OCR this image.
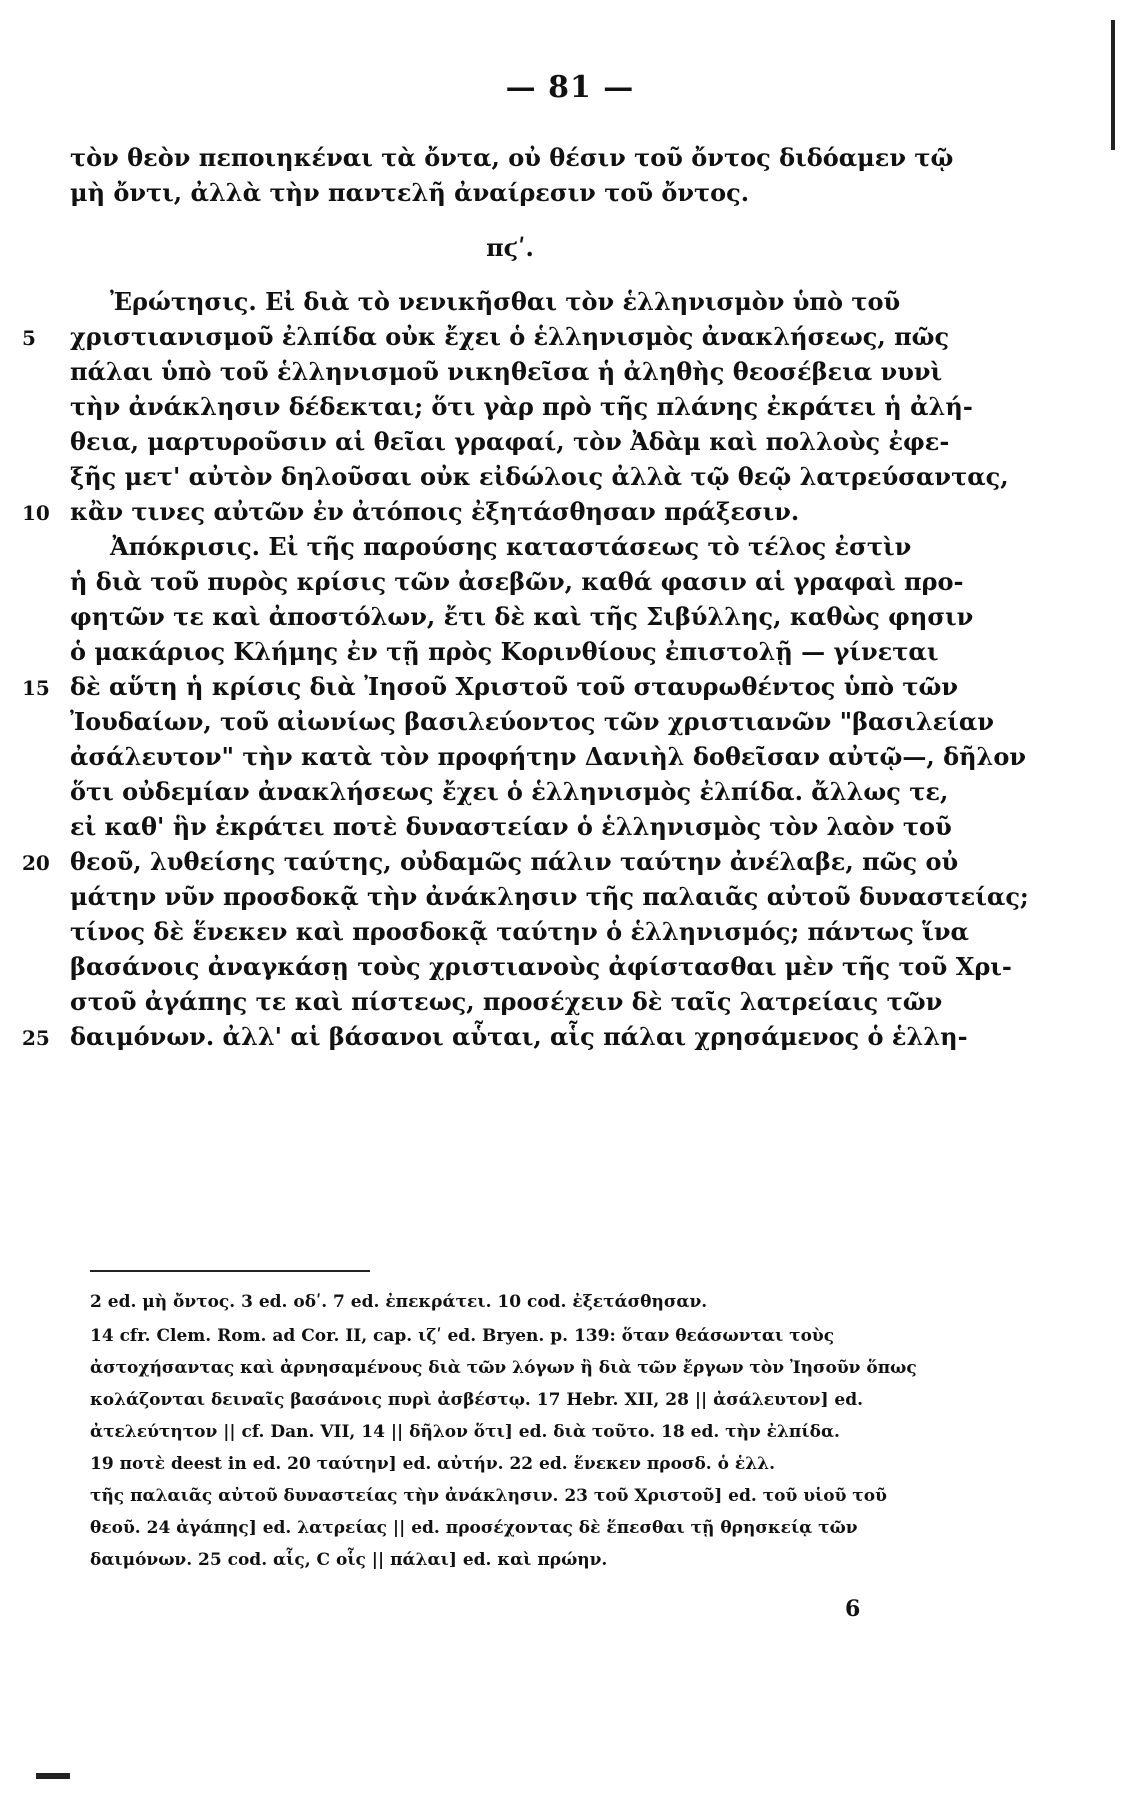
— 81 —
τὸν θεὸν πεποιηκέναι τὰ ὄντα, οὐ θέσιν τοῦ ὄντος διδόαμεν τῷ
μὴ ὄντι, ἀλλὰ τὴν παντελῆ ἀναίρεσιν τοῦ ὄντος.
πϛʹ.
Ἐρώτησις. Εἰ διὰ τὸ νενικῆσθαι τὸν ἑλληνισμὸν ὑπὸ τοῦ
χριστιανισμοῦ ἐλπίδα οὐκ ἔχει ὁ ἑλληνισμὸς ἀνακλήσεως, πῶς
πάλαι ὑπὸ τοῦ ἑλληνισμοῦ νικηθεῖσα ἡ ἀληθὴς θεοσέβεια νυνὶ
τὴν ἀνάκλησιν δέδεκται; ὅτι γὰρ πρὸ τῆς πλάνης ἐκράτει ἡ ἀλή-
θεια, μαρτυροῦσιν αἱ θεῖαι γραφαί, τὸν Ἀδὰμ καὶ πολλοὺς ἐφε-
ξῆς μετ' αὐτὸν δηλοῦσαι οὐκ εἰδώλοις ἀλλὰ τῷ θεῷ λατρεύσαντας,
κἂν τινες αὐτῶν ἐν ἀτόποις ἐξητάσθησαν πράξεσιν.
Ἀπόκρισις. Εἰ τῆς παρούσης καταστάσεως τὸ τέλος ἐστὶν
ἡ διὰ τοῦ πυρὸς κρίσις τῶν ἀσεβῶν, καθά φασιν αἱ γραφαὶ προ-
φητῶν τε καὶ ἀποστόλων, ἔτι δὲ καὶ τῆς Σιβύλλης, καθὼς φησιν
ὁ μακάριος Κλήμης ἐν τῇ πρὸς Κορινθίους ἐπιστολῇ — γίνεται
δὲ αὕτη ἡ κρίσις διὰ Ἰησοῦ Χριστοῦ τοῦ σταυρωθέντος ὑπὸ τῶν
Ἰουδαίων, τοῦ αἰωνίως βασιλεύοντος τῶν χριστιανῶν "βασιλείαν
ἀσάλευτον" τὴν κατὰ τὸν προφήτην Δανιὴλ δοθεῖσαν αὐτῷ—, δῆλον
ὅτι οὐδεμίαν ἀνακλήσεως ἔχει ὁ ἑλληνισμὸς ἐλπίδα. ἄλλως τε,
εἰ καθ' ἣν ἐκράτει ποτὲ δυναστείαν ὁ ἑλληνισμὸς τὸν λαὸν τοῦ
θεοῦ, λυθείσης ταύτης, οὐδαμῶς πάλιν ταύτην ἀνέλαβε, πῶς οὐ
μάτην νῦν προσδοκᾷ τὴν ἀνάκλησιν τῆς παλαιᾶς αὐτοῦ δυναστείας;
τίνος δὲ ἕνεκεν καὶ προσδοκᾷ ταύτην ὁ ἑλληνισμός; πάντως ἵνα
βασάνοις ἀναγκάσῃ τοὺς χριστιανοὺς ἀφίστασθαι μὲν τῆς τοῦ Χρι-
στοῦ ἀγάπης τε καὶ πίστεως, προσέχειν δὲ ταῖς λατρείαις τῶν
δαιμόνων. ἀλλ' αἱ βάσανοι αὗται, αἷς πάλαι χρησάμενος ὁ ἑλλη-
5
10
15
20
25
2 ed. μὴ ὄντος. 3 ed. οδʹ. 7 ed. ἐπεκράτει. 10 cod. ἐξετάσθησαν.
14 cfr. Clem. Rom. ad Cor. II, cap. ιζʹ ed. Bryen. p. 139: ὅταν θεάσωνται τοὺς
ἀστοχήσαντας καὶ ἀρνησαμένους διὰ τῶν λόγων ἢ διὰ τῶν ἔργων τὸν Ἰησοῦν ὅπως
κολάζονται δειναῖς βασάνοις πυρὶ ἀσβέστῳ. 17 Hebr. XII, 28 || ἀσάλευτον] ed.
ἀτελεύτητον || cf. Dan. VII, 14 || δῆλον ὅτι] ed. διὰ τοῦτο. 18 ed. τὴν ἐλπίδα.
19 ποτὲ deest in ed. 20 ταύτην] ed. αὐτήν. 22 ed. ἕνεκεν προσδ. ὁ ἑλλ.
τῆς παλαιᾶς αὐτοῦ δυναστείας τὴν ἀνάκλησιν. 23 τοῦ Χριστοῦ] ed. τοῦ υἱοῦ τοῦ
θεοῦ. 24 ἀγάπης] ed. λατρείας || ed. προσέχοντας δὲ ἕπεσθαι τῇ θρησκείᾳ τῶν
δαιμόνων. 25 cod. αἷς, C οἷς || πάλαι] ed. καὶ πρώην.
6
